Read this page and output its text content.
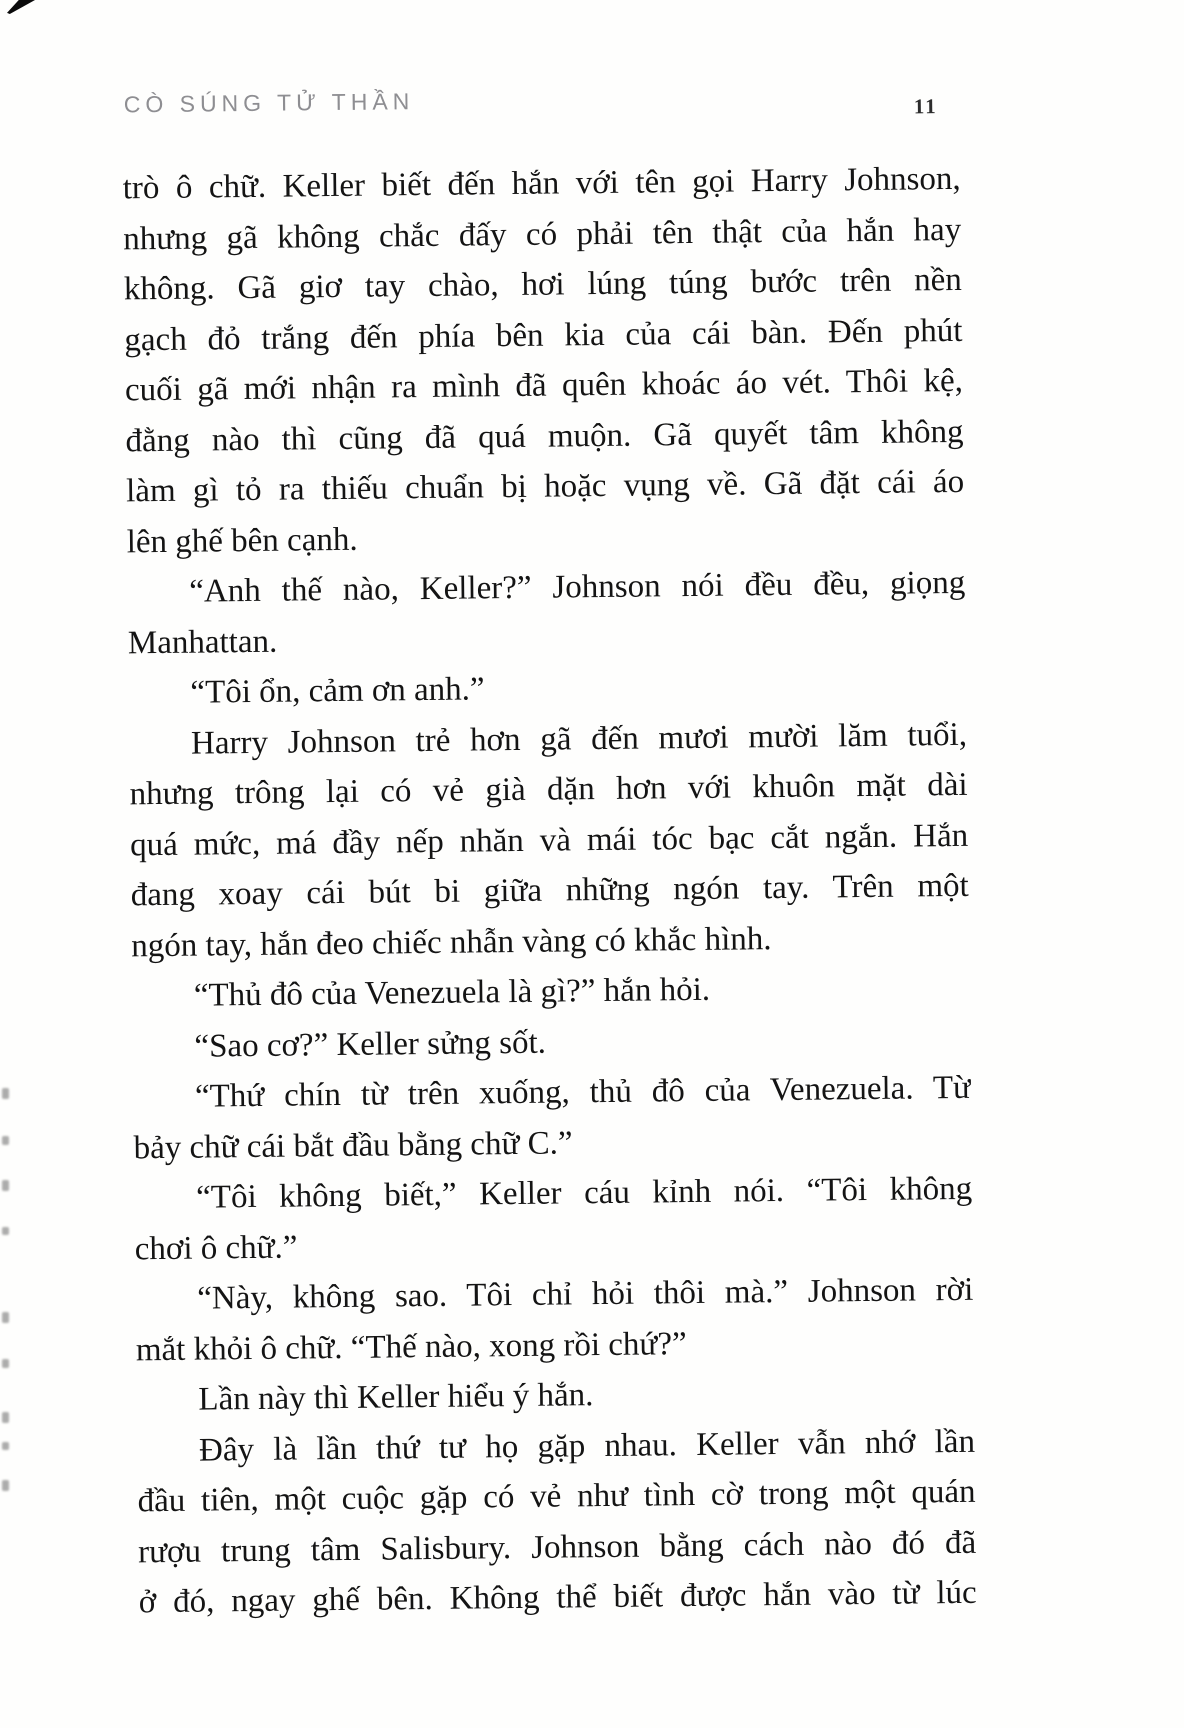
CÒ SÚNG TỬ THẦN	11
trò ô chữ. Keller biết đến hắn với tên gọi Harry Johnson,
nhưng gã không chắc đấy có phải tên thật của hắn hay
không. Gã giơ tay chào, hơi lúng túng bước trên nền
gạch đỏ trắng đến phía bên kia của cái bàn. Đến phút
cuối gã mới nhận ra mình đã quên khoác áo vét. Thôi kệ,
đằng nào thì cũng đã quá muộn. Gã quyết tâm không
làm gì tỏ ra thiếu chuẩn bị hoặc vụng về. Gã đặt cái áo
lên ghế bên cạnh.
“Anh thế nào, Keller?” Johnson nói đều đều, giọng
Manhattan.
“Tôi ổn, cảm ơn anh.”
Harry Johnson trẻ hơn gã đến mươi mười lăm tuổi,
nhưng trông lại có vẻ già dặn hơn với khuôn mặt dài
quá mức, má đầy nếp nhăn và mái tóc bạc cắt ngắn. Hắn
đang xoay cái bút bi giữa những ngón tay. Trên một
ngón tay, hắn đeo chiếc nhẫn vàng có khắc hình.
“Thủ đô của Venezuela là gì?” hắn hỏi.
“Sao cơ?” Keller sửng sốt.
“Thứ chín từ trên xuống, thủ đô của Venezuela. Từ
bảy chữ cái bắt đầu bằng chữ C.”
“Tôi không biết,” Keller cáu kỉnh nói. “Tôi không
chơi ô chữ.”
“Này, không sao. Tôi chỉ hỏi thôi mà.” Johnson rời
mắt khỏi ô chữ. “Thế nào, xong rồi chứ?”
Lần này thì Keller hiểu ý hắn.
Đây là lần thứ tư họ gặp nhau. Keller vẫn nhớ lần
đầu tiên, một cuộc gặp có vẻ như tình cờ trong một quán
rượu trung tâm Salisbury. Johnson bằng cách nào đó đã
ở đó, ngay ghế bên. Không thể biết được hắn vào từ lúc
